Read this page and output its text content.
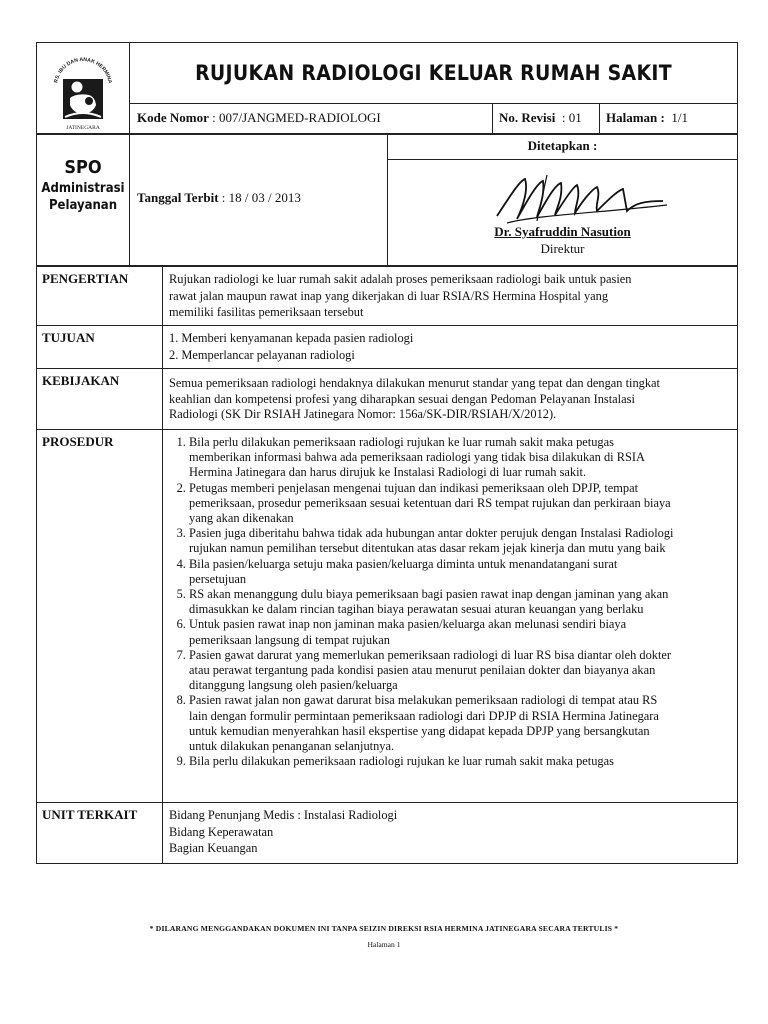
RS. IBU DAN ANAK HERMINA
JATINEGARA
RUJUKAN RADIOLOGI KELUAR RUMAH SAKIT
Kode Nomor : 007/JANGMED-RADIOLOGI	No. Revisi : 01 Halaman : 1/1
SPO
Administrasi
Pelayanan
Tanggal Terbit : 18 / 03 / 2013
Ditetapkan :
Dr. Syafruddin Nasution
Direktur
PENGERTIAN	Rujukan radiologi ke luar rumah sakit adalah proses pemeriksaan radiologi baik untuk pasien
rawat jalan maupun rawat inap yang dikerjakan di luar RSIA/RS Hermina Hospital yang
memiliki fasilitas pemeriksaan tersebut
TUJUAN	1. Memberi kenyamanan kepada pasien radiologi
2. Memperlancar pelayanan radiologi
KEBIJAKAN	Semua pemeriksaan radiologi hendaknya dilakukan menurut standar yang tepat dan dengan tingkat
keahlian dan kompetensi profesi yang diharapkan sesuai dengan Pedoman Pelayanan Instalasi
Radiologi (SK Dir RSIAH Jatinegara Nomor: 156a/SK-DIR/RSIAH/X/2012).
PROSEDUR
1.	Bila perlu dilakukan pemeriksaan radiologi rujukan ke luar rumah sakit maka petugas
memberikan informasi bahwa ada pemeriksaan radiologi yang tidak bisa dilakukan di RSIA
Hermina Jatinegara dan harus dirujuk ke Instalasi Radiologi di luar rumah sakit.
2. Petugas memberi penjelasan mengenai tujuan dan indikasi pemeriksaan oleh DPJP, tempat
pemeriksaan, prosedur pemeriksaan sesuai ketentuan dari RS tempat rujukan dan perkiraan biaya
yang akan dikenakan
3. Pasien juga diberitahu bahwa tidak ada hubungan antar dokter perujuk dengan Instalasi Radiologi
rujukan namun pemilihan tersebut ditentukan atas dasar rekam jejak kinerja dan mutu yang baik
4. Bila pasien/keluarga setuju maka pasien/keluarga diminta untuk menandatangani surat
persetujuan
5. RS akan menanggung dulu biaya pemeriksaan bagi pasien rawat inap dengan jaminan yang akan
dimasukkan ke dalam rincian tagihan biaya perawatan sesuai aturan keuangan yang berlaku
6. Untuk pasien rawat inap non jaminan maka pasien/keluarga akan melunasi sendiri biaya
pemeriksaan langsung di tempat rujukan
7. Pasien gawat darurat yang memerlukan pemeriksaan radiologi di luar RS bisa diantar oleh dokter
atau perawat tergantung pada kondisi pasien atau menurut penilaian dokter dan biayanya akan
ditanggung langsung oleh pasien/keluarga
8. Pasien rawat jalan non gawat darurat bisa melakukan pemeriksaan radiologi di tempat atau RS
lain dengan formulir permintaan pemeriksaan radiologi dari DPJP di RSIA Hermina Jatinegara
untuk kemudian menyerahkan hasil ekspertise yang didapat kepada DPJP yang bersangkutan
untuk dilakukan penanganan selanjutnya.
9. Bila perlu dilakukan pemeriksaan radiologi rujukan ke luar rumah sakit maka petugas
UNIT TERKAIT	Bidang Penunjang Medis : Instalasi Radiologi
Bidang Keperawatan
Bagian Keuangan
* DILARANG MENGGANDAKAN DOKUMEN INI TANPA SEIZIN DIREKSI RSIA HERMINA JATINEGARA SECARA TERTULIS *
Halaman 1
